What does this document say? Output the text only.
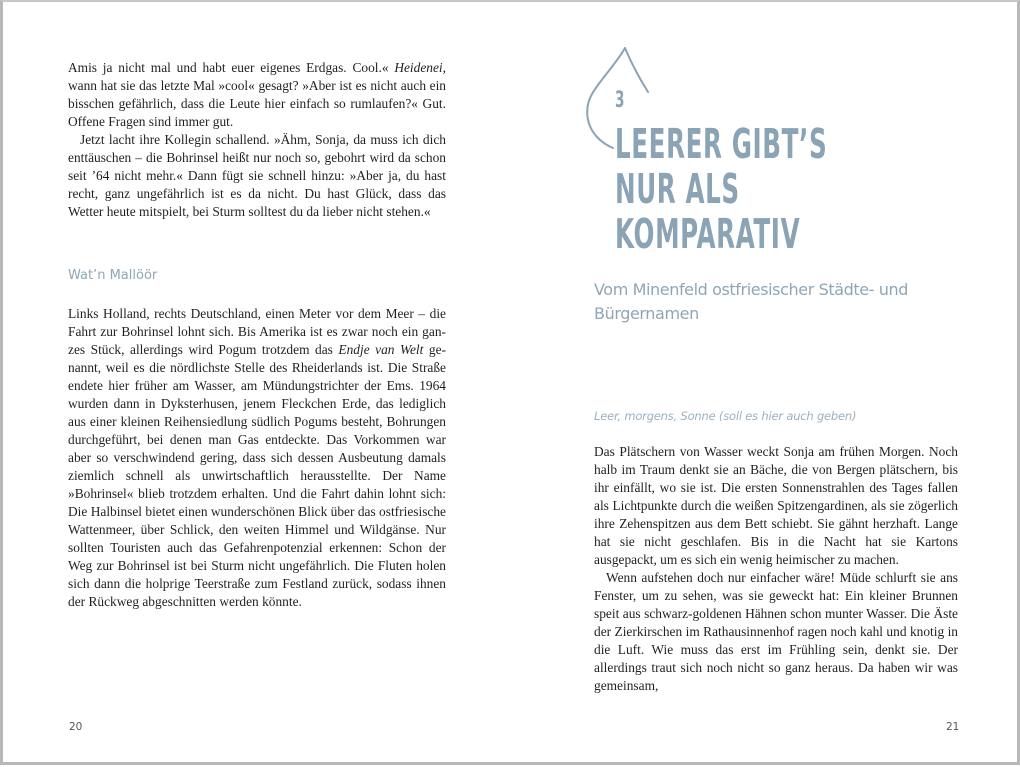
Amis ja nicht mal und habt euer eigenes Erdgas. Cool.« Heidenei, wann hat sie das letzte Mal »cool« gesagt? »Aber ist es nicht auch ein bisschen gefährlich, dass die Leute hier einfach so rumlaufen?« Gut. Offene Fragen sind immer gut.

Jetzt lacht ihre Kollegin schallend. »Ähm, Sonja, da muss ich dich enttäuschen – die Bohrinsel heißt nur noch so, gebohrt wird da schon seit ’64 nicht mehr.« Dann fügt sie schnell hinzu: »Aber ja, du hast recht, ganz ungefährlich ist es da nicht. Du hast Glück, dass das Wetter heute mitspielt, bei Sturm solltest du da lieber nicht stehen.«

Wat’n Mallöör

Links Holland, rechts Deutschland, einen Meter vor dem Meer – die Fahrt zur Bohrinsel lohnt sich. Bis Amerika ist es zwar noch ein ganzes Stück, allerdings wird Pogum trotzdem das Endje van Welt genannt, weil es die nördlichste Stelle des Rheiderlands ist. Die Straße endete hier früher am Wasser, am Mündungstrichter der Ems. 1964 wurden dann in Dyksterhusen, jenem Fleckchen Erde, das lediglich aus einer kleinen Reihensiedlung südlich Pogums besteht, Bohrungen durchgeführt, bei denen man Gas entdeckte. Das Vorkommen war aber so verschwindend gering, dass sich dessen Ausbeutung damals ziemlich schnell als unwirtschaftlich herausstellte. Der Name »Bohrinsel« blieb trotzdem erhalten. Und die Fahrt dahin lohnt sich: Die Halbinsel bietet einen wunderschönen Blick über das ostfriesische Wattenmeer, über Schlick, den weiten Himmel und Wildgänse. Nur sollten Touristen auch das Gefahrenpotenzial erkennen: Schon der Weg zur Bohrinsel ist bei Sturm nicht ungefährlich. Die Fluten holen sich dann die holprige Teerstraße zum Festland zurück, sodass ihnen der Rückweg abgeschnitten werden könnte.

20
3
LEERER GIBT’S
NUR ALS
KOMPARATIV
Vom Minenfeld ostfriesischer Städte- und Bürgernamen
Leer, morgens, Sonne (soll es hier auch geben)

Das Plätschern von Wasser weckt Sonja am frühen Morgen. Noch halb im Traum denkt sie an Bäche, die von Bergen plätschern, bis ihr einfällt, wo sie ist. Die ersten Sonnenstrahlen des Tages fallen als Lichtpunkte durch die weißen Spitzengardinen, als sie zögerlich ihre Zehenspitzen aus dem Bett schiebt. Sie gähnt herzhaft. Lange hat sie nicht geschlafen. Bis in die Nacht hat sie Kartons ausgepackt, um es sich ein wenig heimischer zu machen.

Wenn aufstehen doch nur einfacher wäre! Müde schlurft sie ans Fenster, um zu sehen, was sie geweckt hat: Ein kleiner Brunnen speit aus schwarz-goldenen Hähnen schon munter Wasser. Die Äste der Zierkirschen im Rathausinnenhof ragen noch kahl und knotig in die Luft. Wie muss das erst im Frühling sein, denkt sie. Der allerdings traut sich noch nicht so ganz heraus. Da haben wir was gemeinsam,

21
